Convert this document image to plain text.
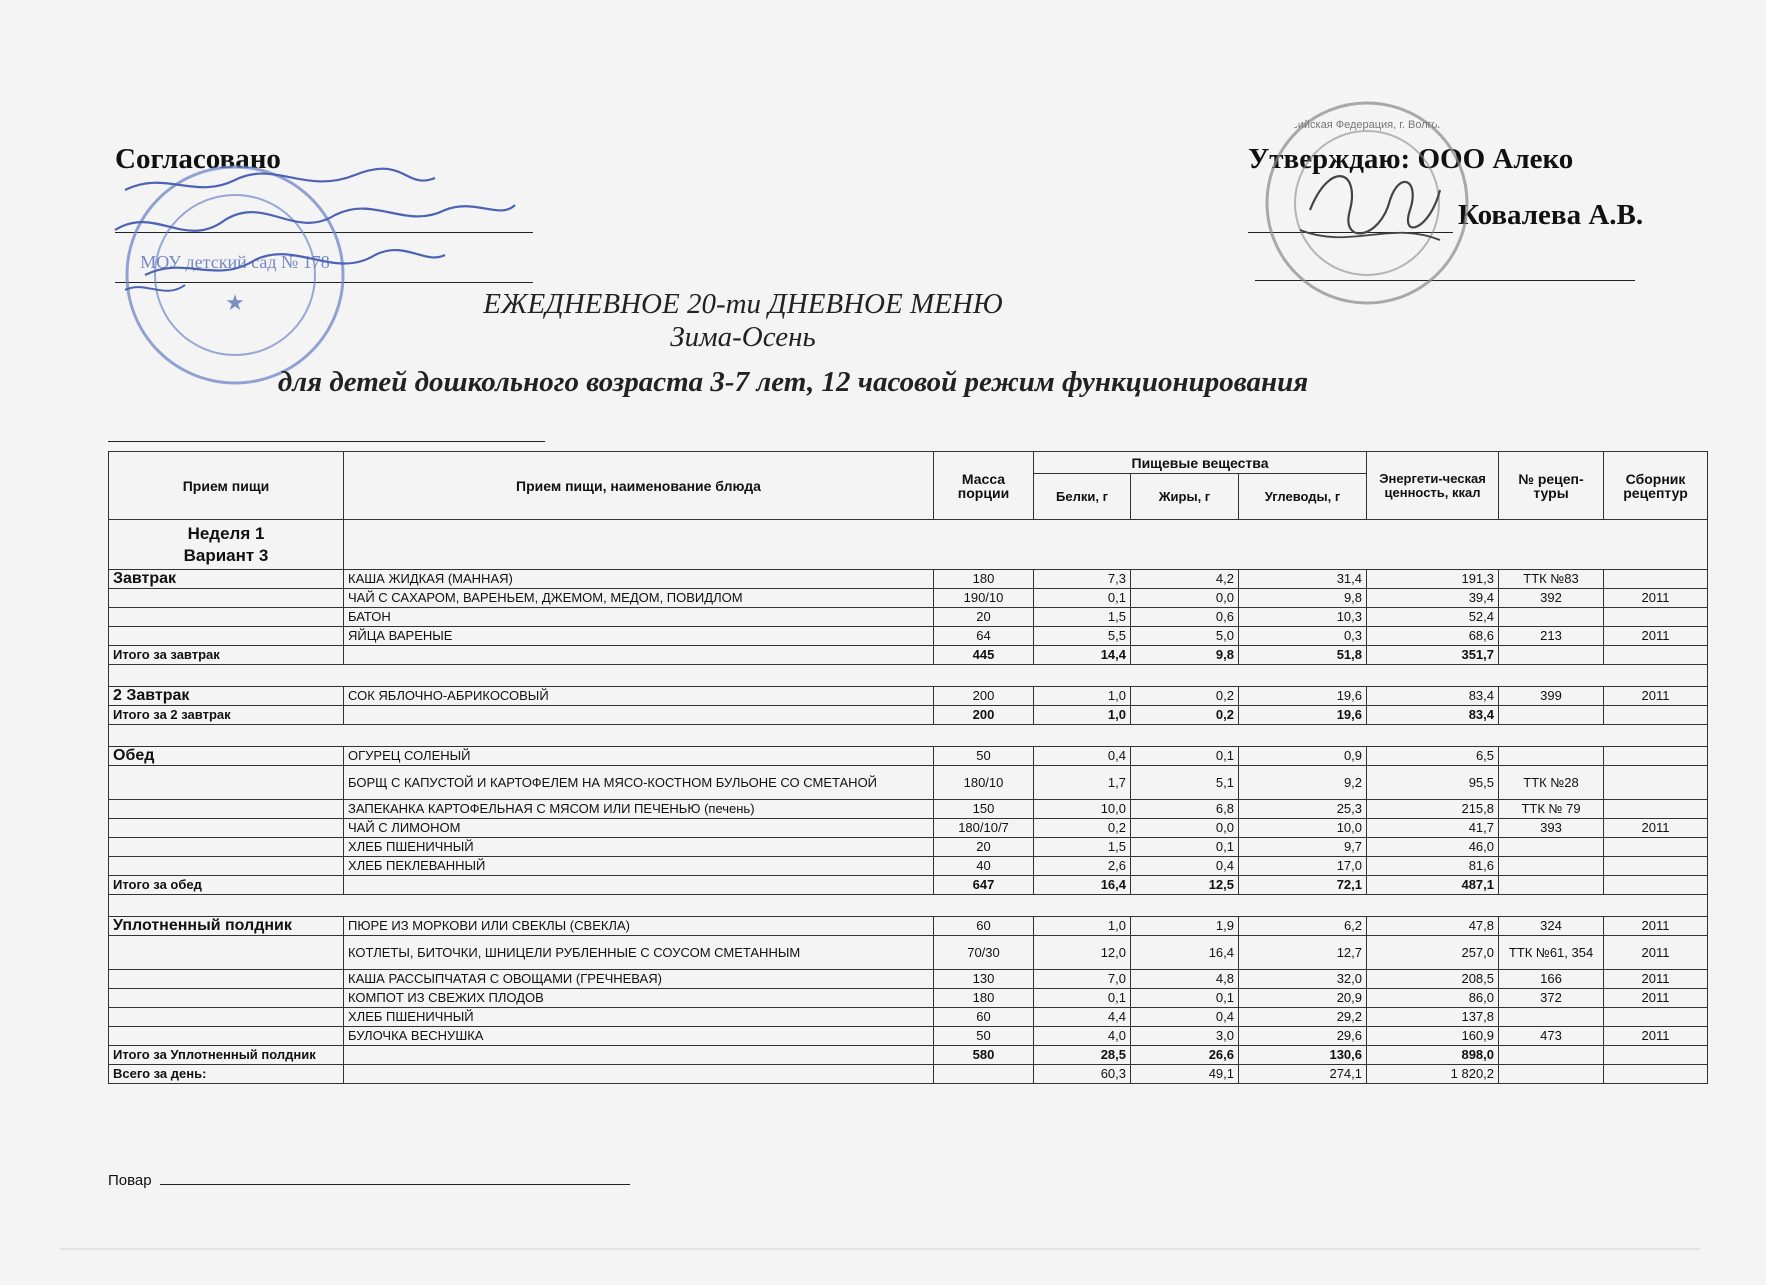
Согласовано
МОУ детский сад № 178
★
Утверждаю: ООО Алеко
Ковалева А.В.
Российская Федерация, г. Волгоград
ЕЖЕДНЕВНОЕ 20-ти ДНЕВНОЕ МЕНЮ
Зима-Осень
для детей дошкольного возраста 3-7 лет, 12 часовой режим функционирования
Прием пищи	Прием пищи, наименование блюда	Масса порции	Пищевые вещества			Энергети-ческая ценность, ккал	№ рецеп-туры	Сборник рецептур
			Белки, г	Жиры, г	Углеводы, г			
Неделя 1
Вариант 3								
Завтрак	КАША ЖИДКАЯ (МАННАЯ)	180	7,3	4,2	31,4	191,3	ТТК №83	
	ЧАЙ С САХАРОМ, ВАРЕНЬЕМ, ДЖЕМОМ, МЕДОМ, ПОВИДЛОМ	190/10	0,1	0,0	9,8	39,4	392	2011
	БАТОН	20	1,5	0,6	10,3	52,4		
	ЯЙЦА ВАРЕНЫЕ	64	5,5	5,0	0,3	68,6	213	2011
Итого за завтрак		445	14,4	9,8	51,8	351,7		

2 Завтрак	СОК ЯБЛОЧНО-АБРИКОСОВЫЙ	200	1,0	0,2	19,6	83,4	399	2011
Итого за 2 завтрак		200	1,0	0,2	19,6	83,4		

Обед	ОГУРЕЦ СОЛЕНЫЙ	50	0,4	0,1	0,9	6,5		
	БОРЩ С КАПУСТОЙ И КАРТОФЕЛЕМ НА МЯСО-КОСТНОМ БУЛЬОНЕ СО СМЕТАНОЙ	180/10	1,7	5,1	9,2	95,5	ТТК №28	
	ЗАПЕКАНКА КАРТОФЕЛЬНАЯ С МЯСОМ ИЛИ ПЕЧЕНЬЮ (печень)	150	10,0	6,8	25,3	215,8	ТТК № 79	
	ЧАЙ С ЛИМОНОМ	180/10/7	0,2	0,0	10,0	41,7	393	2011
	ХЛЕБ ПШЕНИЧНЫЙ	20	1,5	0,1	9,7	46,0		
	ХЛЕБ ПЕКЛЕВАННЫЙ	40	2,6	0,4	17,0	81,6		
Итого за обед		647	16,4	12,5	72,1	487,1		

Уплотненный полдник	ПЮРЕ ИЗ МОРКОВИ ИЛИ СВЕКЛЫ (СВЕКЛА)	60	1,0	1,9	6,2	47,8	324	2011
	КОТЛЕТЫ, БИТОЧКИ, ШНИЦЕЛИ РУБЛЕННЫЕ С СОУСОМ СМЕТАННЫМ	70/30	12,0	16,4	12,7	257,0	ТТК №61, 354	2011
	КАША РАССЫПЧАТАЯ С ОВОЩАМИ (ГРЕЧНЕВАЯ)	130	7,0	4,8	32,0	208,5	166	2011
	КОМПОТ ИЗ СВЕЖИХ ПЛОДОВ	180	0,1	0,1	20,9	86,0	372	2011
	ХЛЕБ ПШЕНИЧНЫЙ	60	4,4	0,4	29,2	137,8		
	БУЛОЧКА ВЕСНУШКА	50	4,0	3,0	29,6	160,9	473	2011
Итого за Уплотненный полдник		580	28,5	26,6	130,6	898,0		
Всего за день:			60,3	49,1	274,1	1 820,2		
Повар
